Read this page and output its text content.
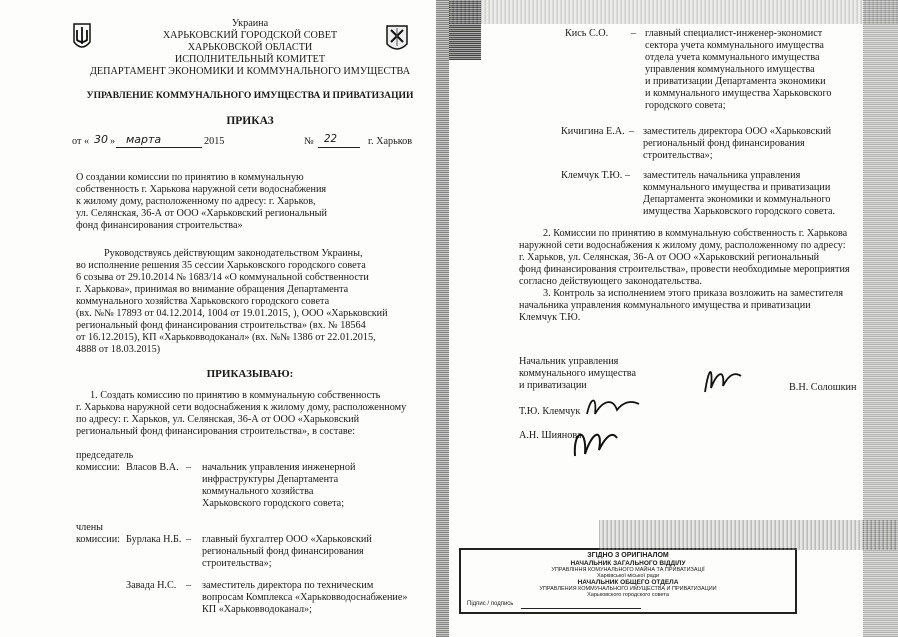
Украина
ХАРЬКОВСКИЙ ГОРОДСКОЙ СОВЕТ
ХАРЬКОВСКОЙ ОБЛАСТИ
ИСПОЛНИТЕЛЬНЫЙ КОМИТЕТ
ДЕПАРТАМЕНТ ЭКОНОМИКИ И КОММУНАЛЬНОГО ИМУЩЕСТВА
УПРАВЛЕНИЕ КОММУНАЛЬНОГО ИМУЩЕСТВА И ПРИВАТИЗАЦИИ
ПРИКАЗ
от « 30 » марта	2015	№ 22	г. Харьков
О создании комиссии по принятию в коммунальную
собственность г. Харькова наружной сети водоснабжения
к жилому дому, расположенному по адресу: г. Харьков,
ул. Селянская, 36-А от ООО «Харьковский региональный
фонд финансирования строительства»
Руководствуясь действующим законодательством Украины,
во исполнение решения 35 сессии Харьковского городского совета
6 созыва от 29.10.2014 № 1683/14 «О коммунальной собственности
г. Харькова», принимая во внимание обращения Департамента
коммунального хозяйства Харьковского городского совета
(вх. №№ 17893 от 04.12.2014, 1004 от 19.01.2015, ), ООО «Харьковский
региональный фонд финансирования строительства» (вх. № 18564
от 16.12.2015), КП «Харьковводоканал» (вх. №№ 1386 от 22.01.2015,
4888 от 18.03.2015)
ПРИКАЗЫВАЮ:
1. Создать комиссию по принятию в коммунальную собственность
г. Харькова наружной сети водоснабжения к жилому дому, расположенному
по адресу: г. Харьков, ул. Селянская, 36-А от ООО «Харьковский
региональный фонд финансирования строительства», в составе:
председатель
комиссии: Власов В.А. – начальник управления инженерной
инфраструктуры Департамента
коммунального хозяйства
Харьковского городского совета;
члены
комиссии: Бурлака Н.Б. – главный бухгалтер ООО «Харьковский
региональный фонд финансирования
строительства»;
Завада Н.С. – заместитель директора по техническим
вопросам Комплекса «Харьковводоснабжение»
КП «Харьковводоканал»;
Кись С.О. – главный специалист-инженер-экономист
сектора учета коммунального имущества
отдела учета коммунального имущества
управления коммунального имущества
и приватизации Департамента экономики
и коммунального имущества Харьковского
городского совета;
Кичигина Е.А. – заместитель директора ООО «Харьковский
региональный фонд финансирования
строительства»;
Клемчук Т.Ю. – заместитель начальника управления
коммунального имущества и приватизации
Департамента экономики и коммунального
имущества Харьковского городского совета.
2. Комиссии по принятию в коммунальную собственность г. Харькова
наружной сети водоснабжения к жилому дому, расположенному по адресу:
г. Харьков, ул. Селянская, 36-А от ООО «Харьковский региональный
фонд финансирования строительства», провести необходимые мероприятия
согласно действующего законодательства.
3. Контроль за исполнением этого приказа возложить на заместителя
начальника управления коммунального имущества и приватизации
Клемчук Т.Ю.
Начальник управления
коммунального имущества
и приватизации	В.Н. Солошкин
Т.Ю. Клемчук
А.Н. Шиянова
ЗГІДНО З ОРИГІНАЛОМ
НАЧАЛЬНИК ЗАГАЛЬНОГО ВІДДІЛУ
УПРАВЛІННЯ КОМУНАЛЬНОГО МАЙНА ТА ПРИВАТИЗАЦІЇ
Харківської міської ради
НАЧАЛЬНИК ОБЩЕГО ОТДЕЛА
УПРАВЛЕНИЯ КОММУНАЛЬНОГО ИМУЩЕСТВА И ПРИВАТИЗАЦИИ
Харьковского городского совета
Підпис / подпись
